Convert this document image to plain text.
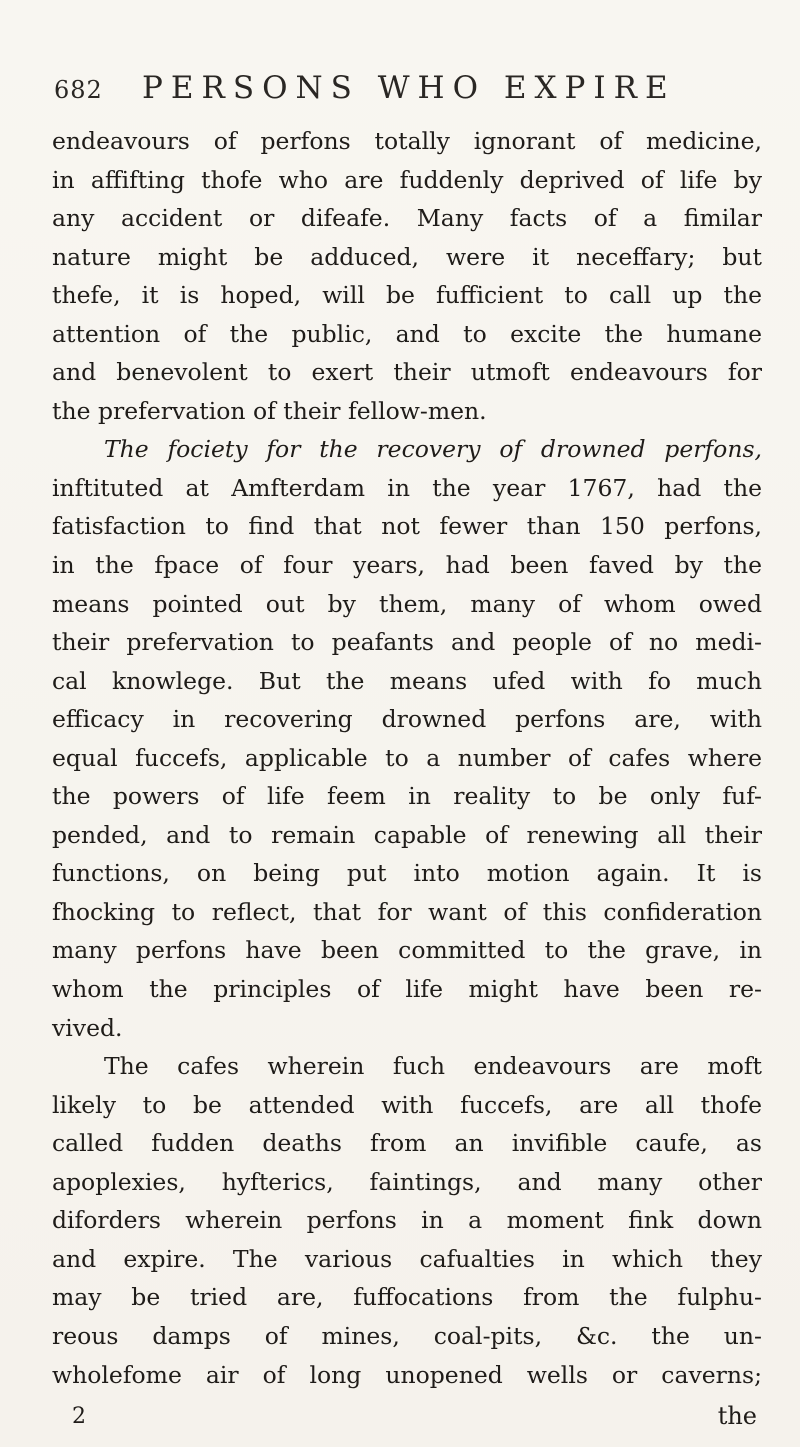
682 PERSONS WHO EXPIRE
endeavours of perfons totally ignorant of medicine,
in affifting thofe who are fuddenly deprived of life by
any accident or difeafe. Many facts of a fimilar
nature might be adduced, were it neceffary; but
thefe, it is hoped, will be fufficient to call up the
attention of the public, and to excite the humane
and benevolent to exert their utmoft endeavours for
the prefervation of their fellow-men.
The fociety for the recovery of drowned perfons,
inftituted at Amfterdam in the year 1767, had the
fatisfaction to find that not fewer than 150 perfons,
in the fpace of four years, had been faved by the
means pointed out by them, many of whom owed
their prefervation to peafants and people of no medi-
cal knowlege. But the means ufed with fo much
efficacy in recovering drowned perfons are, with
equal fuccefs, applicable to a number of cafes where
the powers of life feem in reality to be only fuf-
pended, and to remain capable of renewing all their
functions, on being put into motion again. It is
fhocking to reflect, that for want of this confideration
many perfons have been committed to the grave, in
whom the principles of life might have been re-
vived.
The cafes wherein fuch endeavours are moft
likely to be attended with fuccefs, are all thofe
called fudden deaths from an invifible caufe, as
apoplexies, hyfterics, faintings, and many other
diforders wherein perfons in a moment fink down
and expire. The various cafualties in which they
may be tried are, fuffocations from the fulphu-
reous damps of mines, coal-pits, &c. the un-
wholefome air of long unopened wells or caverns;
2	the
